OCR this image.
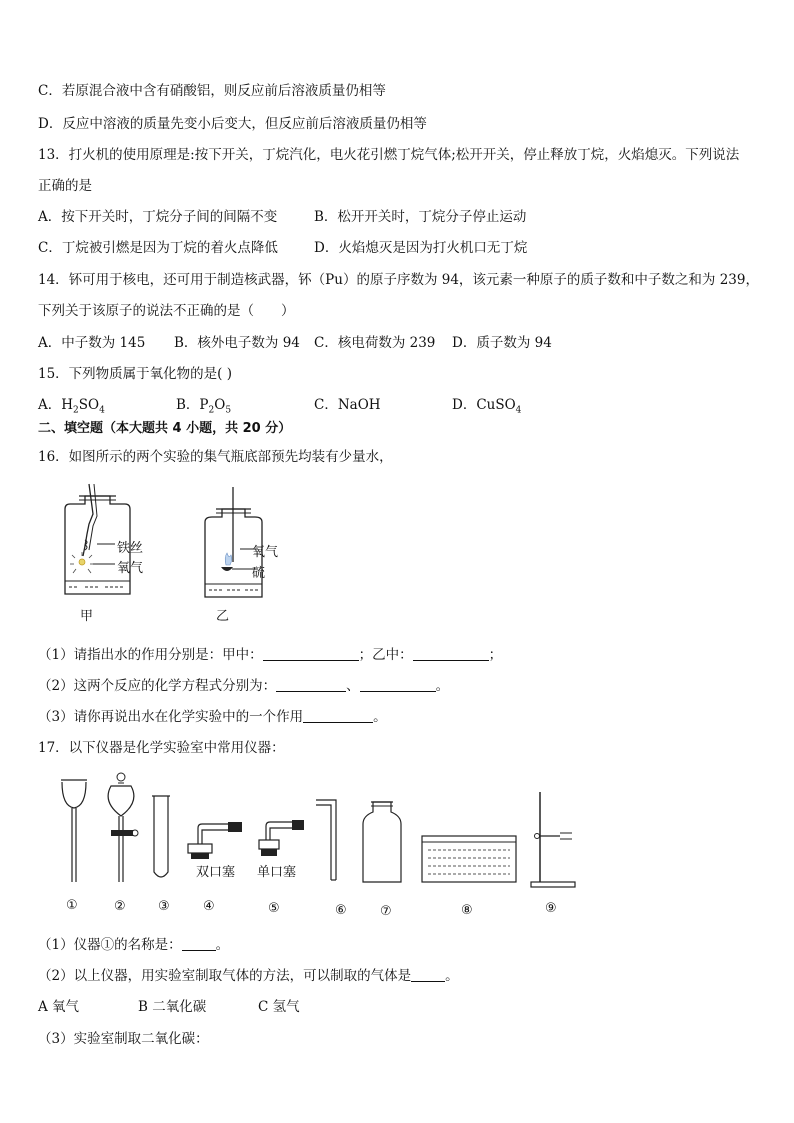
C．若原混合液中含有硝酸铝，则反应前后溶液质量仍相等
D．反应中溶液的质量先变小后变大，但反应前后溶液质量仍相等
13．打火机的使用原理是:按下开关，丁烷汽化，电火花引燃丁烷气体;松开开关，停止释放丁烷，火焰熄灭。下列说法
正确的是
A．按下开关时，丁烷分子间的间隔不变	B．松开开关时，丁烷分子停止运动
C．丁烷被引燃是因为丁烷的着火点降低	D．火焰熄灭是因为打火机口无丁烷
14．钚可用于核电，还可用于制造核武器，钚（Pu）的原子序数为 94，该元素一种原子的质子数和中子数之和为 239，
下列关于该原子的说法不正确的是（　　）
A．中子数为 145 B．核外电子数为 94 C．核电荷数为 239 D．质子数为 94
15．下列物质属于氧化物的是( )
A．$H_2SO_4$	B．$P_2O_5$	C．NaOH	D．CuSO$_4$
二、填空题（本大题共 4 小题，共 20 分）
16．如图所示的两个实验的集气瓶底部预先均装有少量水，
铁丝
氧气
甲
氧气
硫
乙
（1）请指出水的作用分别是：甲中：	；乙中：	；
（2）这两个反应的化学方程式分别为：	、	。
（3）请你再说出水在化学实验中的一个作用	。
17．以下仪器是化学实验室中常用仪器：
双口塞 单口塞
①	② ③	④	⑤	⑥	⑦	⑧	⑨
（1）仪器①的名称是：	。
（2）以上仪器，用实验室制取气体的方法，可以制取的气体是	。
A 氧气	B 二氧化碳	C 氢气
（3）实验室制取二氧化碳：
